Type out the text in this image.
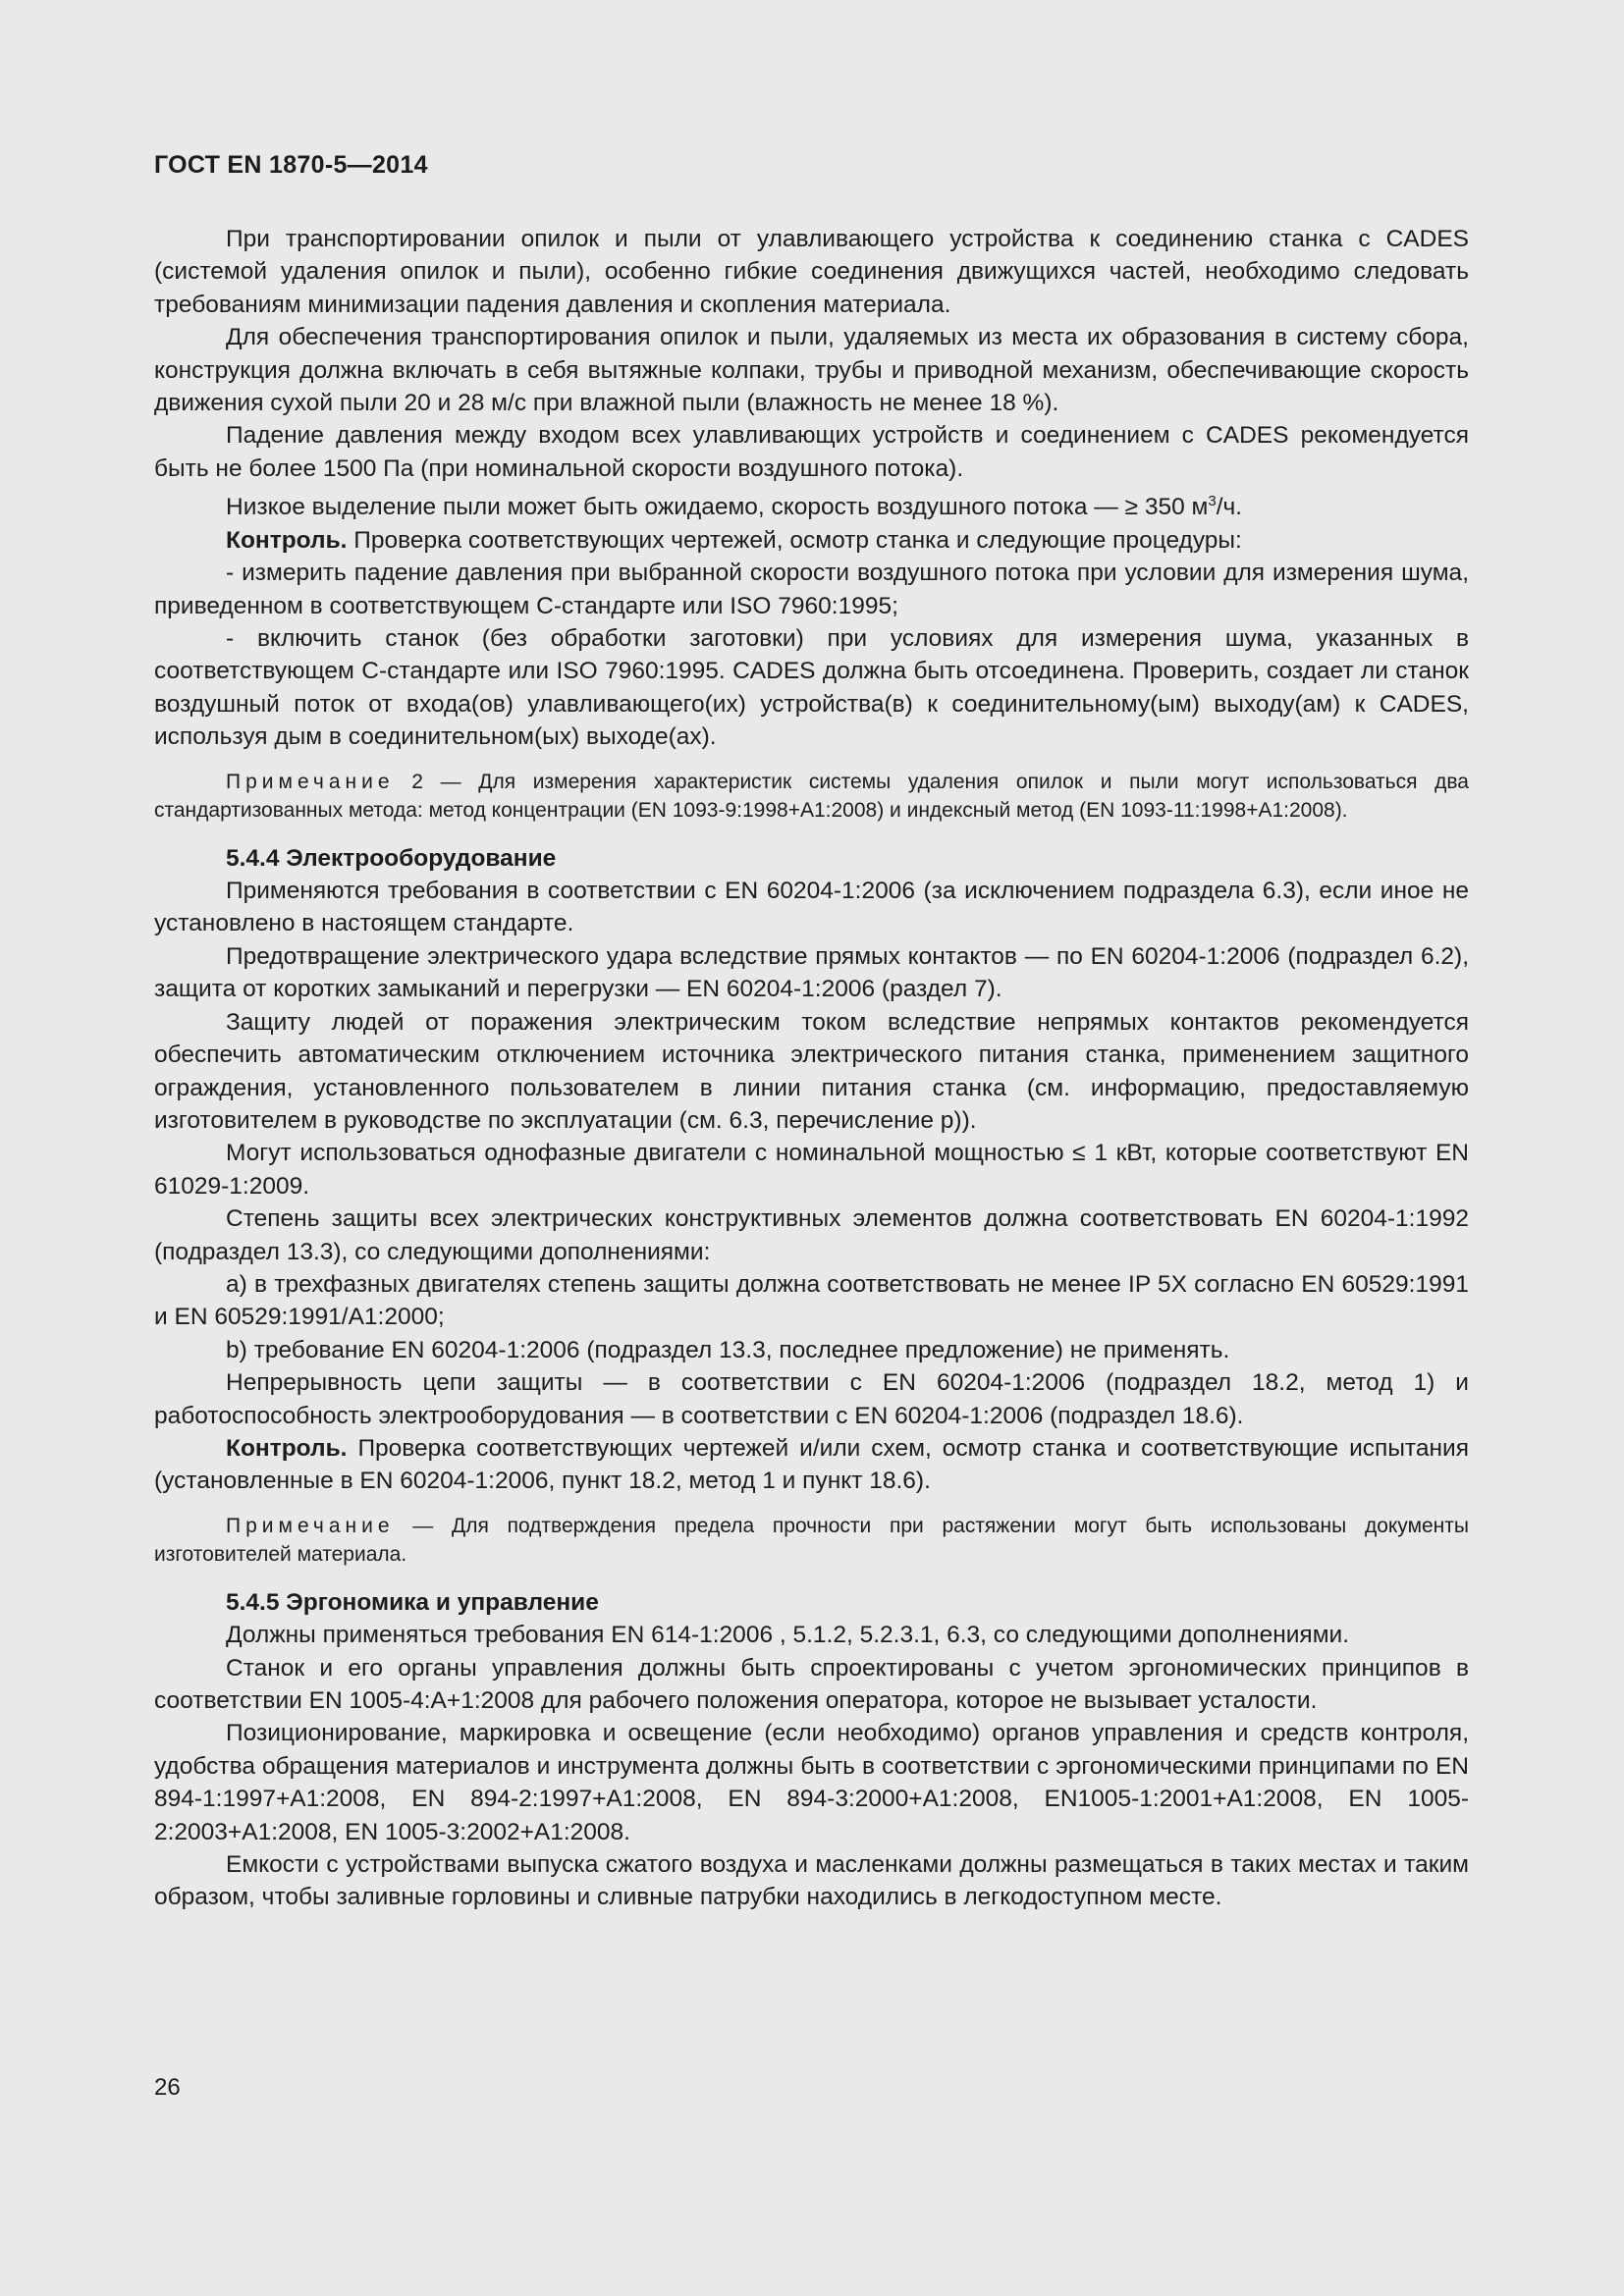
ГОСТ EN 1870-5—2014

При транспортировании опилок и пыли от улавливающего устройства к соединению станка с CADES (системой удаления опилок и пыли), особенно гибкие соединения движущихся частей, необходимо следовать требованиям минимизации падения давления и скопления материала.

Для обеспечения транспортирования опилок и пыли, удаляемых из места их образования в систему сбора, конструкция должна включать в себя вытяжные колпаки, трубы и приводной механизм, обеспечивающие скорость движения сухой пыли 20 и 28 м/с при влажной пыли (влажность не менее 18 %).

Падение давления между входом всех улавливающих устройств и соединением с CADES рекомендуется быть не более 1500 Па (при номинальной скорости воздушного потока).

Низкое выделение пыли может быть ожидаемо, скорость воздушного потока — ≥ 350 $м^3/ч$.

Контроль. Проверка соответствующих чертежей, осмотр станка и следующие процедуры:

- измерить падение давления при выбранной скорости воздушного потока при условии для измерения шума, приведенном в соответствующем С-стандарте или ISO 7960:1995;

- включить станок (без обработки заготовки) при условиях для измерения шума, указанных в соответствующем С-стандарте или ISO 7960:1995. CADES должна быть отсоединена. Проверить, создает ли станок воздушный поток от входа(ов) улавливающего(их) устройства(в) к соединительному(ым) выходу(ам) к CADES, используя дым в соединительном(ых) выходе(ах).

Примечание 2 — Для измерения характеристик системы удаления опилок и пыли могут использоваться два стандартизованных метода: метод концентрации (EN 1093-9:1998+A1:2008) и индексный метод (EN 1093-11:1998+A1:2008).

5.4.4 Электрооборудование

Применяются требования в соответствии с EN 60204-1:2006 (за исключением подраздела 6.3), если иное не установлено в настоящем стандарте.

Предотвращение электрического удара вследствие прямых контактов — по EN 60204-1:2006 (подраздел 6.2), защита от коротких замыканий и перегрузки — EN 60204-1:2006 (раздел 7).

Защиту людей от поражения электрическим током вследствие непрямых контактов рекомендуется обеспечить автоматическим отключением источника электрического питания станка, применением защитного ограждения, установленного пользователем в линии питания станка (см. информацию, предоставляемую изготовителем в руководстве по эксплуатации (см. 6.3, перечисление p)).

Могут использоваться однофазные двигатели с номинальной мощностью ≤ 1 кВт, которые соответствуют EN 61029-1:2009.

Степень защиты всех электрических конструктивных элементов должна соответствовать EN 60204-1:1992 (подраздел 13.3), со следующими дополнениями:

a) в трехфазных двигателях степень защиты должна соответствовать не менее IP 5X согласно EN 60529:1991 и EN 60529:1991/A1:2000;

b) требование EN 60204-1:2006 (подраздел 13.3, последнее предложение) не применять.

Непрерывность цепи защиты — в соответствии с EN 60204-1:2006 (подраздел 18.2, метод 1) и работоспособность электрооборудования — в соответствии с EN 60204-1:2006 (подраздел 18.6).

Контроль. Проверка соответствующих чертежей и/или схем, осмотр станка и соответствующие испытания (установленные в EN 60204-1:2006, пункт 18.2, метод 1 и пункт 18.6).

Примечание — Для подтверждения предела прочности при растяжении могут быть использованы документы изготовителей материала.

5.4.5 Эргономика и управление

Должны применяться требования EN 614-1:2006 , 5.1.2, 5.2.3.1, 6.3, со следующими дополнениями.

Станок и его органы управления должны быть спроектированы с учетом эргономических принципов в соответствии EN 1005-4:A+1:2008 для рабочего положения оператора, которое не вызывает усталости.

Позиционирование, маркировка и освещение (если необходимо) органов управления и средств контроля, удобства обращения материалов и инструмента должны быть в соответствии с эргономическими принципами по EN 894-1:1997+A1:2008, EN 894-2:1997+A1:2008, EN 894-3:2000+A1:2008, EN1005-1:2001+A1:2008, EN 1005-2:2003+A1:2008, EN 1005-3:2002+A1:2008.

Емкости с устройствами выпуска сжатого воздуха и масленками должны размещаться в таких местах и таким образом, чтобы заливные горловины и сливные патрубки находились в легкодоступном месте.

26
